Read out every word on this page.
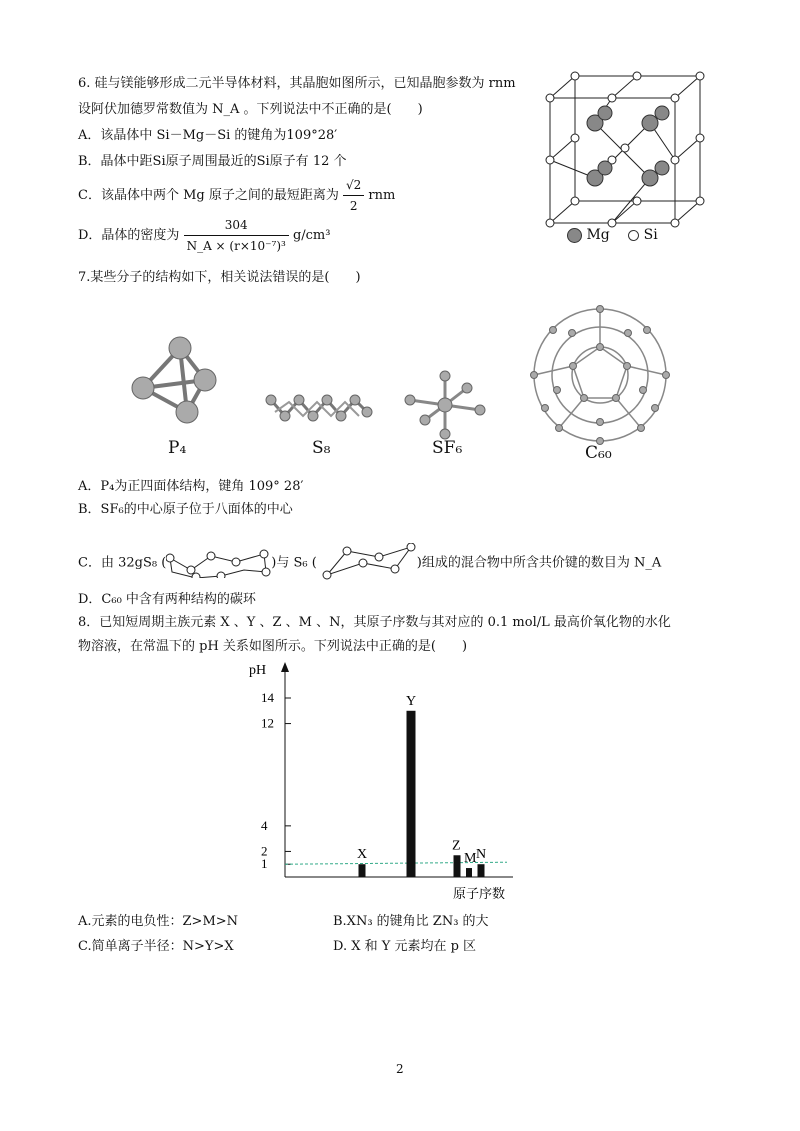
6. 硅与镁能够形成二元半导体材料，其晶胞如图所示，已知晶胞参数为 rnm
设阿伏加德罗常数值为 N_A 。下列说法中不正确的是(　　)
A．该晶体中 Si－Mg－Si 的键角为109°28′
B．晶体中距Si原子周围最近的Si原子有 12 个
C．该晶体中两个 Mg 原子之间的最短距离为 $\frac{√2}{2}$ rnm
D．晶体的密度为 $\frac{304}{\text{N\_A × (r×10⁻⁷)³}} g/cm^3$	Mg Si
7.某些分子的结构如下，相关说法错误的是(　　)
P₄	S₈	SF₆	C₆₀
A．P₄为正四面体结构，键角 109° 28′
B．SF₆的中心原子位于八面体的中心
C．由 32gS₈ (	)与 S₆ (	)组成的混合物中所含共价键的数目为 N_A
D．C₆₀ 中含有两种结构的碳环
8．已知短周期主族元素 X 、Y 、Z 、M 、N，其原子序数与其对应的 0.1 mol/L 最高价氧化物的水化
物溶液，在常温下的 pH 关系如图所示。下列说法中正确的是(　　)
pH
原子序数
1
2
4
12
14
X
Y
Z
M N
A.元素的电负性：Z>M>N	B.XN₃ 的键角比 ZN₃ 的大
C.简单离子半径：N>Y>X	D. X 和 Y 元素均在 p 区
2
